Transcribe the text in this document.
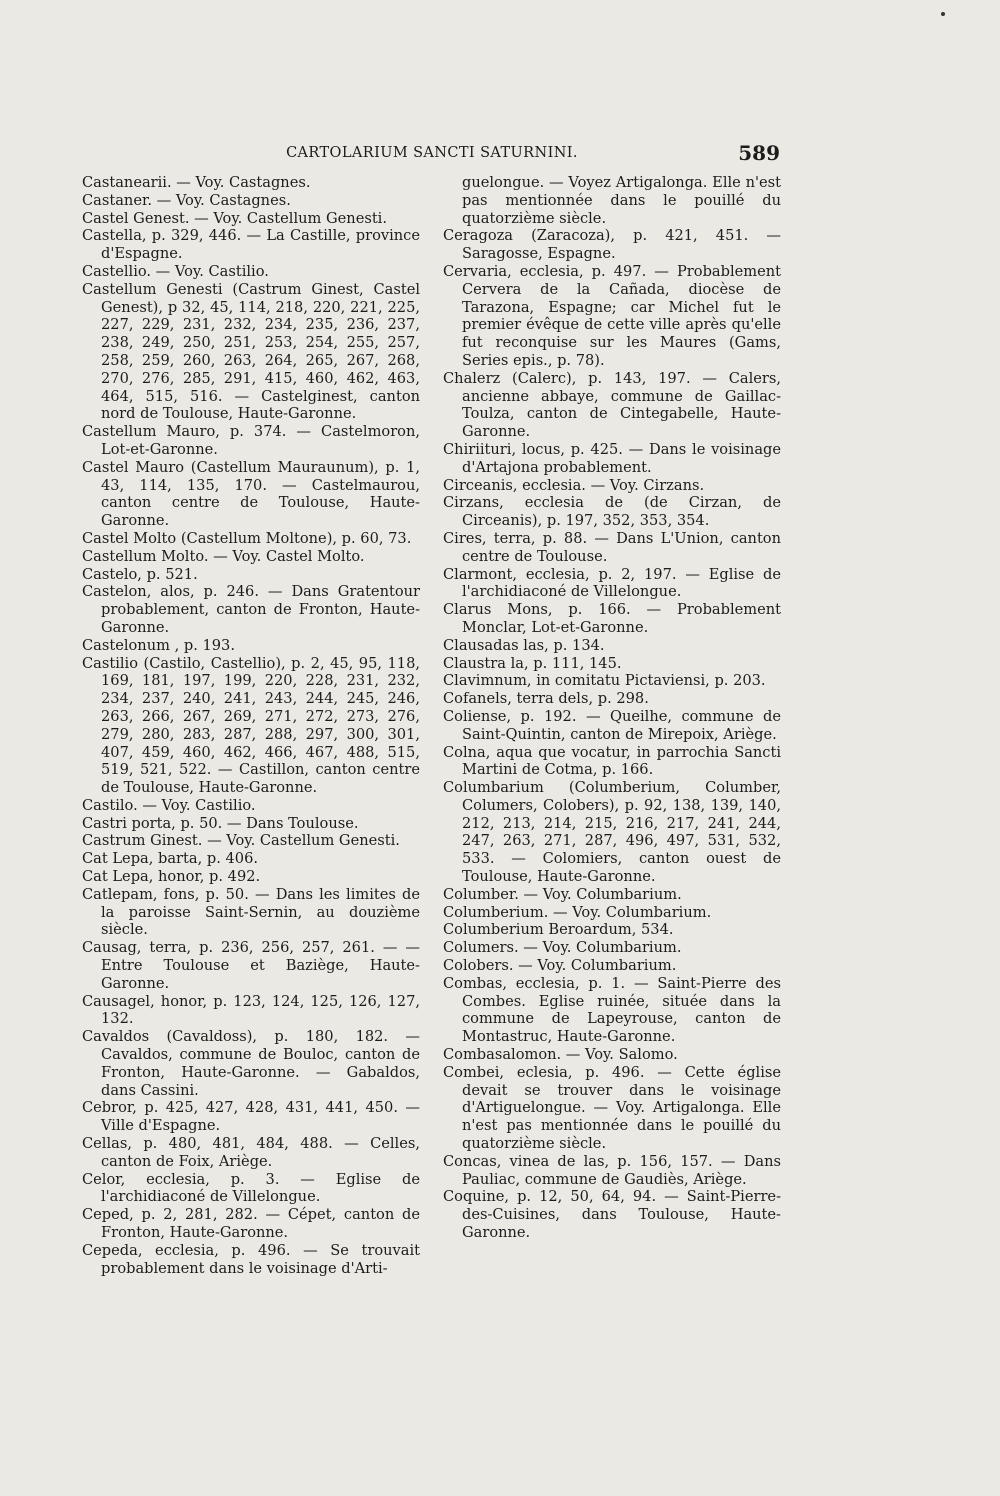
CARTOLARIUM SANCTI SATURNINI.	589

Castanearii. — Voy. Castagnes.

Castaner. — Voy. Castagnes.

Castel Genest. — Voy. Castellum Genesti.

Castella, p. 329, 446. — La Castille, province d'Espagne.

Castellio. — Voy. Castilio.

Castellum Genesti (Castrum Ginest, Castel Genest), p 32, 45, 114, 218, 220, 221, 225, 227, 229, 231, 232, 234, 235, 236, 237, 238, 249, 250, 251, 253, 254, 255, 257, 258, 259, 260, 263, 264, 265, 267, 268, 270, 276, 285, 291, 415, 460, 462, 463, 464, 515, 516. — Castelginest, canton nord de Toulouse, Haute-Garonne.

Castellum Mauro, p. 374. — Castelmoron, Lot-et-Garonne.

Castel Mauro (Castellum Mauraunum), p. 1, 43, 114, 135, 170. — Castelmaurou, canton centre de Toulouse, Haute-Garonne.

Castel Molto (Castellum Moltone), p. 60, 73.

Castellum Molto. — Voy. Castel Molto.

Castelo, p. 521.

Castelon, alos, p. 246. — Dans Gratentour probablement, canton de Fronton, Haute-Garonne.

Castelonum , p. 193.

Castilio (Castilo, Castellio), p. 2, 45, 95, 118, 169, 181, 197, 199, 220, 228, 231, 232, 234, 237, 240, 241, 243, 244, 245, 246, 263, 266, 267, 269, 271, 272, 273, 276, 279, 280, 283, 287, 288, 297, 300, 301, 407, 459, 460, 462, 466, 467, 488, 515, 519, 521, 522. — Castillon, canton centre de Toulouse, Haute-Garonne.

Castilo. — Voy. Castilio.

Castri porta, p. 50. — Dans Toulouse.

Castrum Ginest. — Voy. Castellum Genesti.

Cat Lepa, barta, p. 406.

Cat Lepa, honor, p. 492.

Catlepam, fons, p. 50. — Dans les limites de la paroisse Saint-Sernin, au douzième siècle.

Causag, terra, p. 236, 256, 257, 261. — — Entre Toulouse et Baziège, Haute-Garonne.

Causagel, honor, p. 123, 124, 125, 126, 127, 132.

Cavaldos (Cavaldoss), p. 180, 182. — Cavaldos, commune de Bouloc, canton de Fronton, Haute-Garonne. — Gabaldos, dans Cassini.

Cebror, p. 425, 427, 428, 431, 441, 450. — Ville d'Espagne.

Cellas, p. 480, 481, 484, 488. — Celles, canton de Foix, Ariège.

Celor, ecclesia, p. 3. — Eglise de l'archidiaconé de Villelongue.

Ceped, p. 2, 281, 282. — Cépet, canton de Fronton, Haute-Garonne.

Cepeda, ecclesia, p. 496. — Se trouvait probablement dans le voisinage d'Arti-

guelongue. — Voyez Artigalonga. Elle n'est pas mentionnée dans le pouillé du quatorzième siècle.

Ceragoza (Zaracoza), p. 421, 451. — Saragosse, Espagne.

Cervaria, ecclesia, p. 497. — Probablement Cervera de la Cañada, diocèse de Tarazona, Espagne; car Michel fut le premier évêque de cette ville après qu'elle fut reconquise sur les Maures (Gams, Series epis., p. 78).

Chalerz (Calerc), p. 143, 197. — Calers, ancienne abbaye, commune de Gaillac-Toulza, canton de Cintegabelle, Haute-Garonne.

Chiriituri, locus, p. 425. — Dans le voisinage d'Artajona probablement.

Circeanis, ecclesia. — Voy. Cirzans.

Cirzans, ecclesia de (de Cirzan, de Circeanis), p. 197, 352, 353, 354.

Cires, terra, p. 88. — Dans L'Union, canton centre de Toulouse.

Clarmont, ecclesia, p. 2, 197. — Eglise de l'archidiaconé de Villelongue.

Clarus Mons, p. 166. — Probablement Monclar, Lot-et-Garonne.

Clausadas las, p. 134.

Claustra la, p. 111, 145.

Clavimnum, in comitatu Pictaviensi, p. 203.

Cofanels, terra dels, p. 298.

Coliense, p. 192. — Queilhe, commune de Saint-Quintin, canton de Mirepoix, Ariège.

Colna, aqua que vocatur, in parrochia Sancti Martini de Cotma, p. 166.

Columbarium (Columberium, Columber, Columers, Colobers), p. 92, 138, 139, 140, 212, 213, 214, 215, 216, 217, 241, 244, 247, 263, 271, 287, 496, 497, 531, 532, 533. — Colomiers, canton ouest de Toulouse, Haute-Garonne.

Columber. — Voy. Columbarium.

Columberium. — Voy. Columbarium.

Columberium Beroardum, 534.

Columers. — Voy. Columbarium.

Colobers. — Voy. Columbarium.

Combas, ecclesia, p. 1. — Saint-Pierre des Combes. Eglise ruinée, située dans la commune de Lapeyrouse, canton de Montastruc, Haute-Garonne.

Combasalomon. — Voy. Salomo.

Combei, eclesia, p. 496. — Cette église devait se trouver dans le voisinage d'Artiguelongue. — Voy. Artigalonga. Elle n'est pas mentionnée dans le pouillé du quatorzième siècle.

Concas, vinea de las, p. 156, 157. — Dans Pauliac, commune de Gaudiès, Ariège.

Coquine, p. 12, 50, 64, 94. — Saint-Pierre-des-Cuisines, dans Toulouse, Haute-Garonne.
